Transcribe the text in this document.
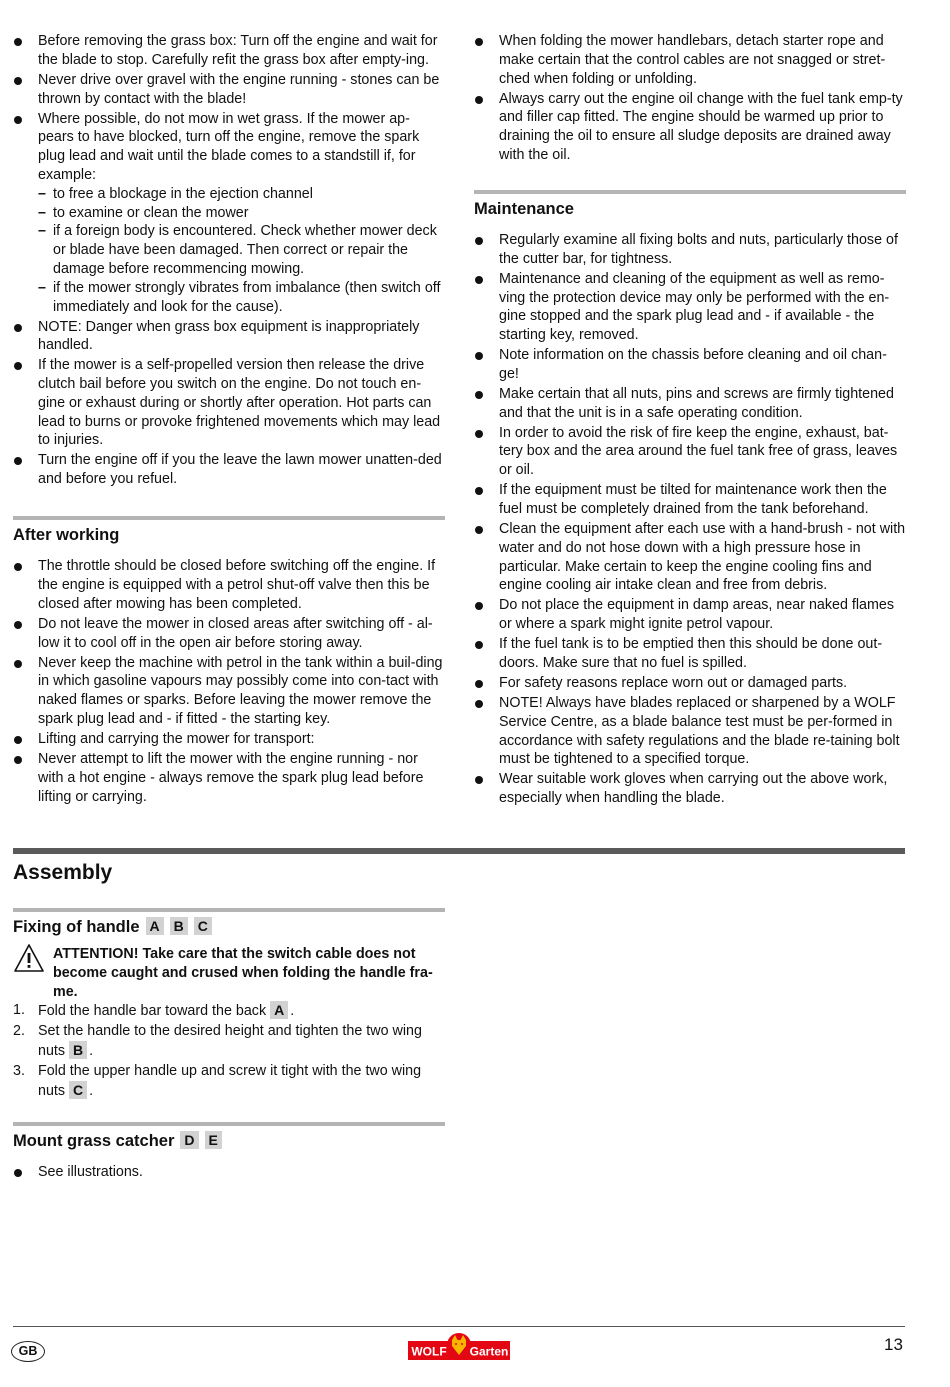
Before removing the grass box: Turn off the engine and wait for the blade to stop. Carefully refit the grass box after empty-ing.
Never drive over gravel with the engine running - stones can be thrown by contact with the blade!
Where possible, do not mow in wet grass. If the mower ap-pears to have blocked, turn off the engine, remove the spark plug lead and wait until the blade comes to a standstill if, for example:
– to free a blockage in the ejection channel
– to examine or clean the mower
– if a foreign body is encountered. Check whether mower deck or blade have been damaged. Then correct or repair the damage before recommencing mowing.
– if the mower strongly vibrates from imbalance (then switch off immediately and look for the cause).
NOTE: Danger when grass box equipment is inappropriately handled.
If the mower is a self-propelled version then release the drive clutch bail before you switch on the engine. Do not touch en-gine or exhaust during or shortly after operation. Hot parts can lead to burns or provoke frightened movements which may lead to injuries.
Turn the engine off if you the leave the lawn mower unatten-ded and before you refuel.
After working
The throttle should be closed before switching off the engine. If the engine is equipped with a petrol shut-off valve then this be closed after mowing has been completed.
Do not leave the mower in closed areas after switching off - al-low it to cool off in the open air before storing away.
Never keep the machine with petrol in the tank within a buil-ding in which gasoline vapours may possibly come into con-tact with naked flames or sparks. Before leaving the mower remove the spark plug lead and - if fitted - the starting key.
Lifting and carrying the mower for transport:
Never attempt to lift the mower with the engine running - nor with a hot engine - always remove the spark plug lead before lifting or carrying.
When folding the mower handlebars, detach starter rope and make certain that the control cables are not snagged or stret-ched when folding or unfolding.
Always carry out the engine oil change with the fuel tank emp-ty and filler cap fitted. The engine should be warmed up prior to draining the oil to ensure all sludge deposits are drained away with the oil.
Maintenance
Regularly examine all fixing bolts and nuts, particularly those of the cutter bar, for tightness.
Maintenance and cleaning of the equipment as well as remo-ving the protection device may only be performed with the en-gine stopped and the spark plug lead and - if available - the starting key, removed.
Note information on the chassis before cleaning and oil chan-ge!
Make certain that all nuts, pins and screws are firmly tightened and that the unit is in a safe operating condition.
In order to avoid the risk of fire keep the engine, exhaust, bat-tery box and the area around the fuel tank free of grass, leaves or oil.
If the equipment must be tilted for maintenance work then the fuel must be completely drained from the tank beforehand.
Clean the equipment after each use with a hand-brush - not with water and do not hose down with a high pressure hose in particular. Make certain to keep the engine cooling fins and engine cooling air intake clean and free from debris.
Do not place the equipment in damp areas, near naked flames or where a spark might ignite petrol vapour.
If the fuel tank is to be emptied then this should be done out-doors. Make sure that no fuel is spilled.
For safety reasons replace worn out or damaged parts.
NOTE! Always have blades replaced or sharpened by a WOLF Service Centre, as a blade balance test must be per-formed in accordance with safety regulations and the blade re-taining bolt must be tightened to a specified torque.
Wear suitable work gloves when carrying out the above work, especially when handling the blade.
Assembly
Fixing of handle A B C
ATTENTION! Take care that the switch cable does not become caught and crused when folding the handle fra-me.
1. Fold the handle bar toward the back A .
2. Set the handle to the desired height and tighten the two wing nuts B .
3. Fold the upper handle up and screw it tight with the two wing nuts C .
Mount grass catcher D E
See illustrations.
GB	WOLF Garten	13
